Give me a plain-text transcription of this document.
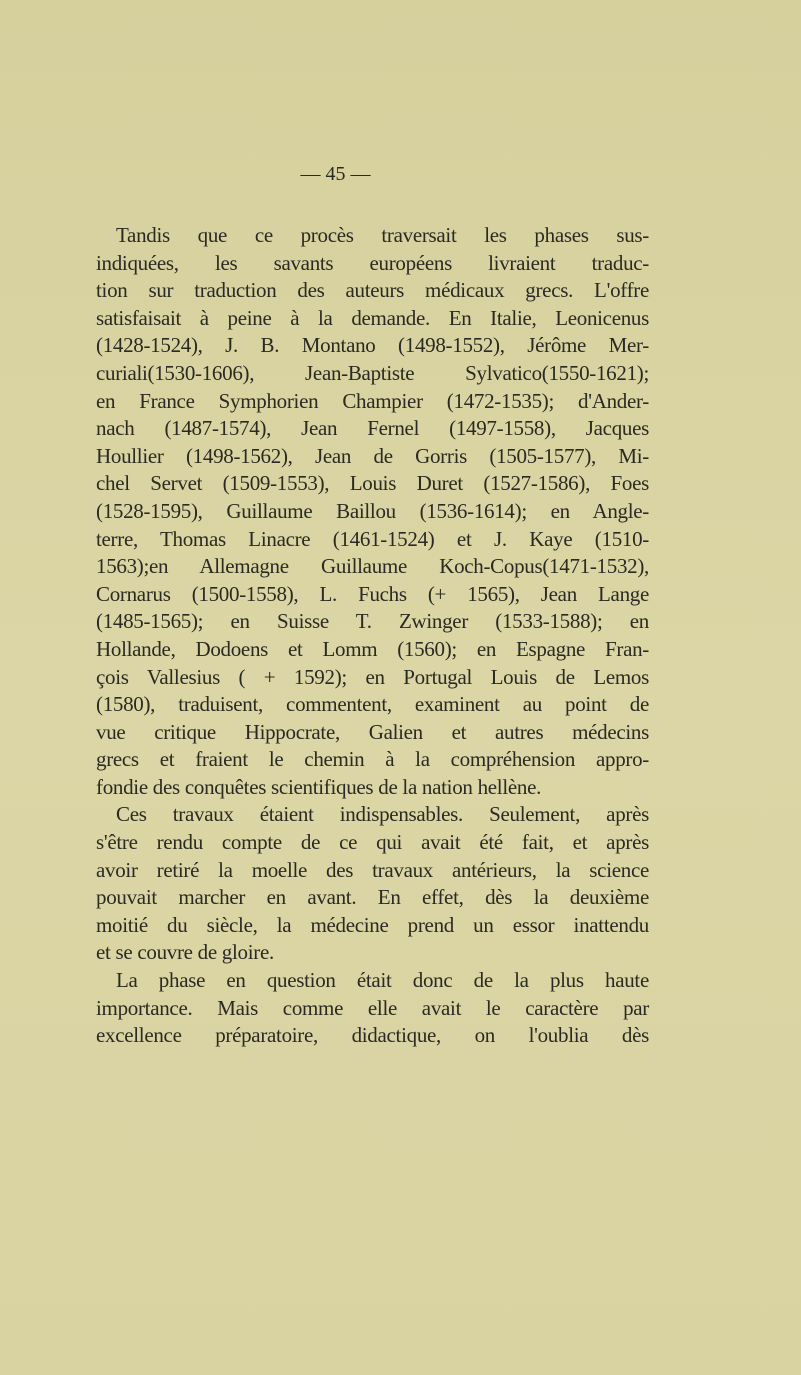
— 45 —
Tandis que ce procès traversait les phases sus-
indiquées, les savants européens livraient traduc-
tion sur traduction des auteurs médicaux grecs. L'offre
satisfaisait à peine à la demande. En Italie, Leonicenus
(1428-1524), J. B. Montano (1498-1552), Jérôme Mer-
curiali(1530-1606), Jean-Baptiste Sylvatico(1550-1621);
en France Symphorien Champier (1472-1535); d'Ander-
nach (1487-1574), Jean Fernel (1497-1558), Jacques
Houllier (1498-1562), Jean de Gorris (1505-1577), Mi-
chel Servet (1509-1553), Louis Duret (1527-1586), Foes
(1528-1595), Guillaume Baillou (1536-1614); en Angle-
terre, Thomas Linacre (1461-1524) et J. Kaye (1510-
1563);en Allemagne Guillaume Koch-Copus(1471-1532),
Cornarus (1500-1558), L. Fuchs (+ 1565), Jean Lange
(1485-1565); en Suisse T. Zwinger (1533-1588); en
Hollande, Dodoens et Lomm (1560); en Espagne Fran-
çois Vallesius ( + 1592); en Portugal Louis de Lemos
(1580), traduisent, commentent, examinent au point de
vue critique Hippocrate, Galien et autres médecins
grecs et fraient le chemin à la compréhension appro-
fondie des conquêtes scientifiques de la nation hellène.
Ces travaux étaient indispensables. Seulement, après
s'être rendu compte de ce qui avait été fait, et après
avoir retiré la moelle des travaux antérieurs, la science
pouvait marcher en avant. En effet, dès la deuxième
moitié du siècle, la médecine prend un essor inattendu
et se couvre de gloire.
La phase en question était donc de la plus haute
importance. Mais comme elle avait le caractère par
excellence préparatoire, didactique, on l'oublia dès
